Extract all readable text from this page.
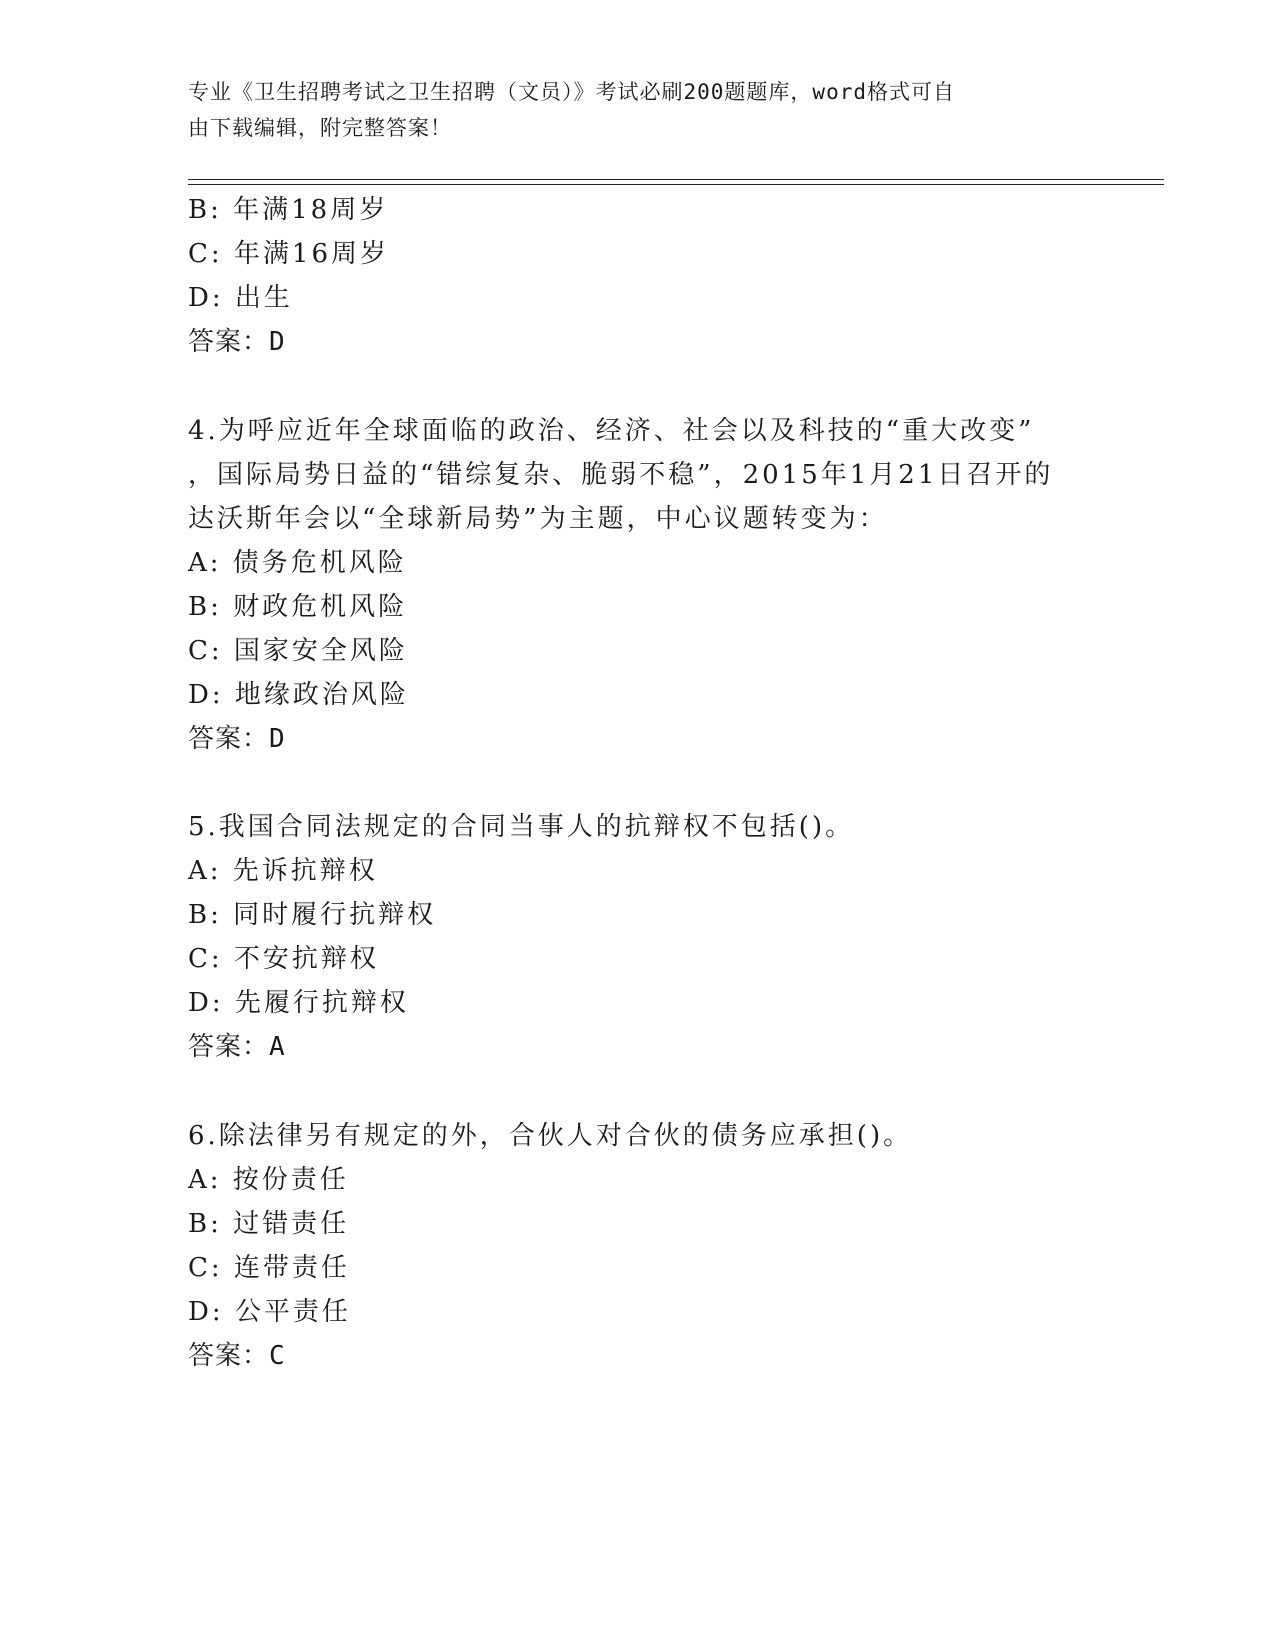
专业《卫生招聘考试之卫生招聘（文员）》考试必刷200题题库，word格式可自
由下载编辑，附完整答案！
B: 年满18周岁
C: 年满16周岁
D: 出生
答案：D
4.为呼应近年全球面临的政治、经济、社会以及科技的“重大改变”
，国际局势日益的“错综复杂、脆弱不稳”，2015年1月21日召开的
达沃斯年会以“全球新局势”为主题，中心议题转变为：
A: 债务危机风险
B: 财政危机风险
C: 国家安全风险
D: 地缘政治风险
答案：D
5.我国合同法规定的合同当事人的抗辩权不包括()。
A: 先诉抗辩权
B: 同时履行抗辩权
C: 不安抗辩权
D: 先履行抗辩权
答案：A
6.除法律另有规定的外，合伙人对合伙的债务应承担()。
A: 按份责任
B: 过错责任
C: 连带责任
D: 公平责任
答案：C
